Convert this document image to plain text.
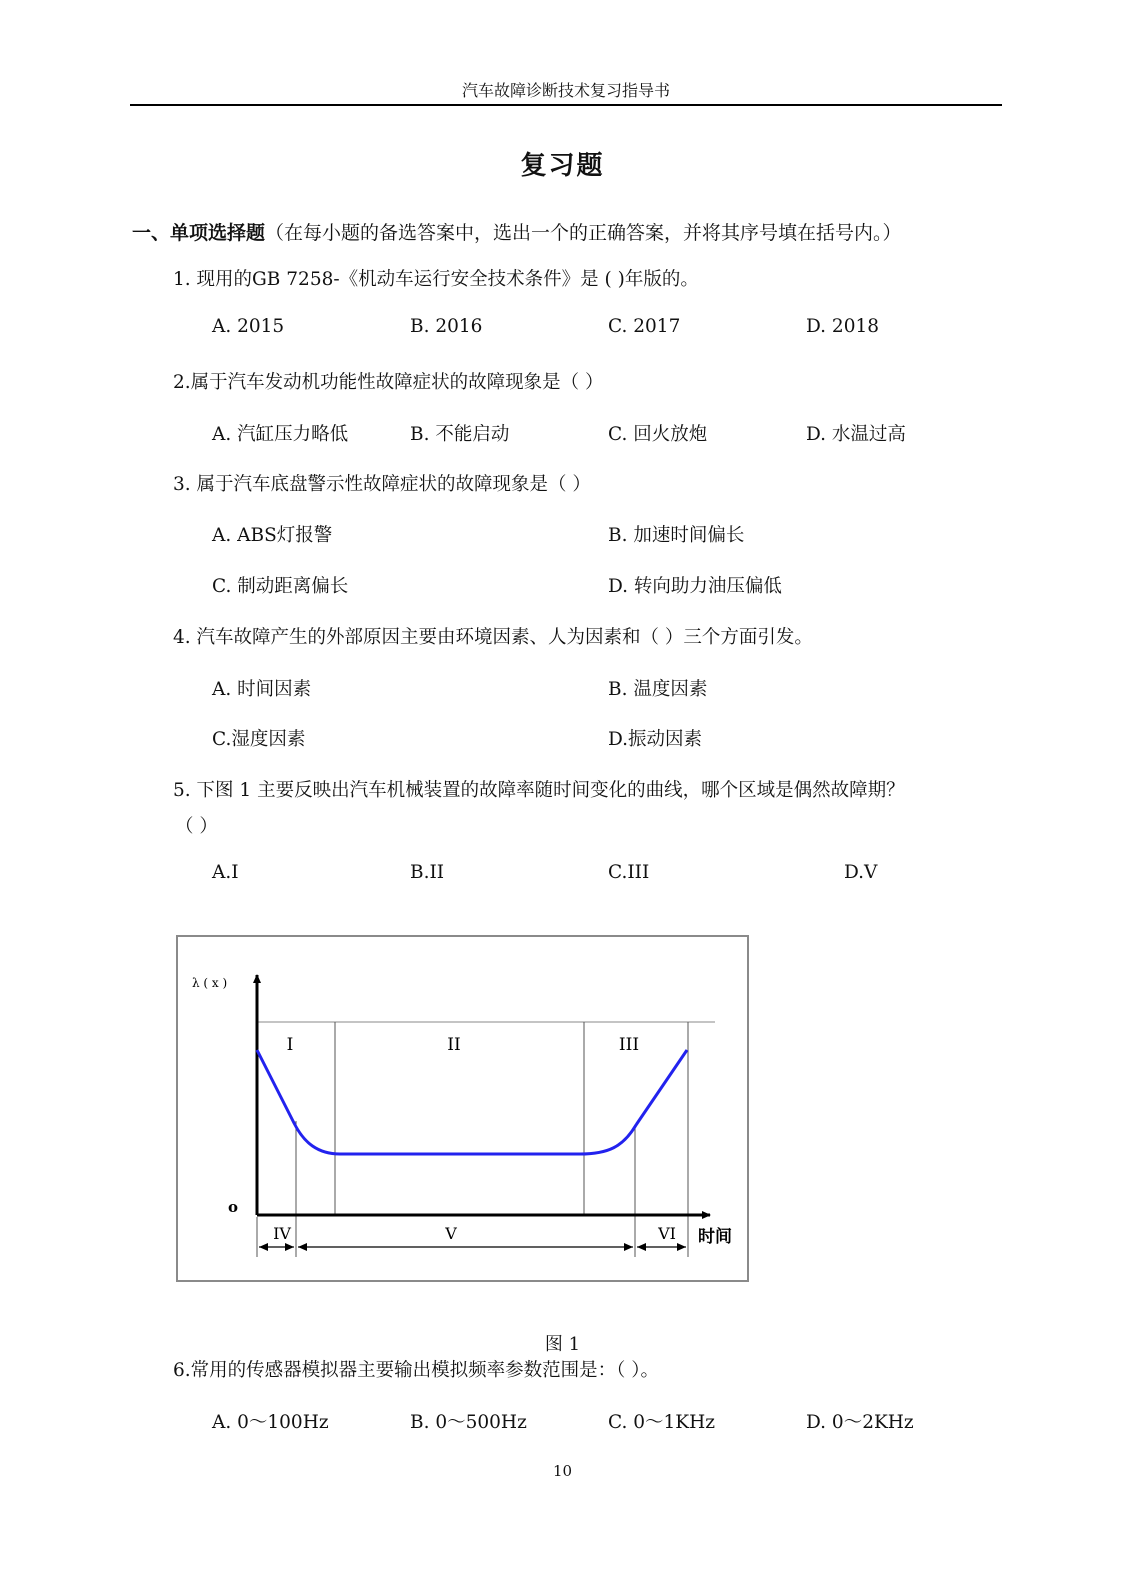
汽车故障诊断技术复习指导书
复习题
一、单项选择题（在每小题的备选答案中，选出一个的正确答案，并将其序号填在括号内。）
1. 现用的GB 7258-《机动车运行安全技术条件》是 ( )年版的。
A. 2015	B. 2016	C. 2017	D. 2018
2.属于汽车发动机功能性故障症状的故障现象是（ ）
A. 汽缸压力略低	B. 不能启动	C. 回火放炮	D. 水温过高
3. 属于汽车底盘警示性故障症状的故障现象是（ ）
A. ABS灯报警	B. 加速时间偏长
C. 制动距离偏长	D. 转向助力油压偏低
4. 汽车故障产生的外部原因主要由环境因素、人为因素和（ ）三个方面引发。
A. 时间因素	B. 温度因素
C.湿度因素	D.振动因素
5. 下图 1 主要反映出汽车机械装置的故障率随时间变化的曲线，哪个区域是偶然故障期？
（ ）
A.I	B.II	C.III	D.V
λ ( x )
o
I	II	III
IV	V	VI 时间
图 1
6.常用的传感器模拟器主要输出模拟频率参数范围是：（ ）。
A. 0～100Hz	B. 0～500Hz	C. 0～1KHz	D. 0～2KHz
10
